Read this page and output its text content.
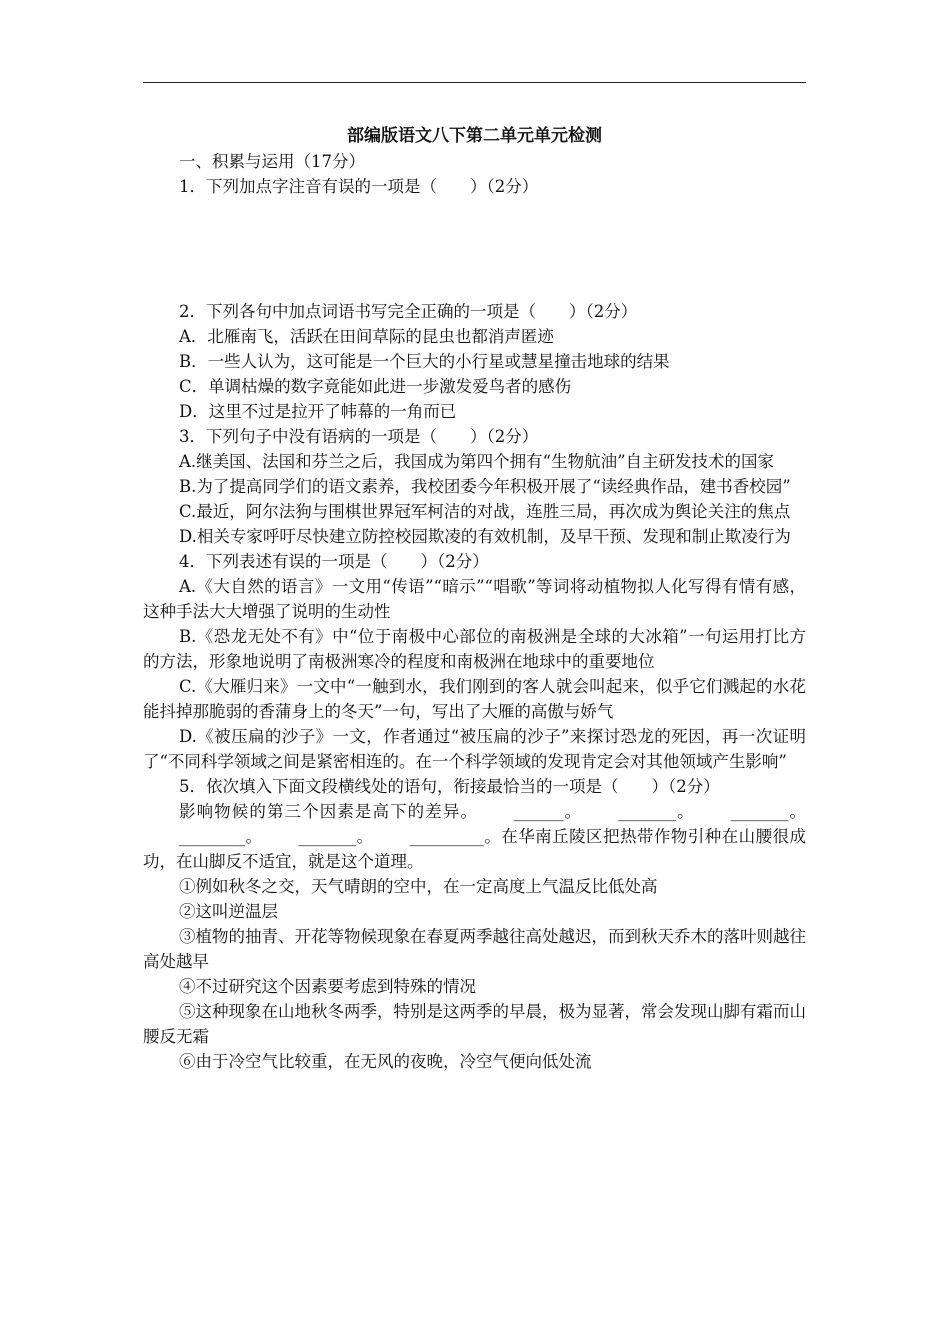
部编版语文八下第二单元单元检测
一、积累与运用（17分）
1．下列加点字注音有误的一项是（　　）（2分）

2．下列各句中加点词语书写完全正确的一项是（　　）（2分）
A．北雁南飞，活跃在田间草际的昆虫也都消声匿迹
B．一些人认为，这可能是一个巨大的小行星或慧星撞击地球的结果
C．单调枯燥的数字竟能如此进一步激发爱鸟者的感伤
D．这里不过是拉开了帏幕的一角而已
3．下列句子中没有语病的一项是（　　）（2分）
A.继美国、法国和芬兰之后，我国成为第四个拥有“生物航油”自主研发技术的国家
B.为了提高同学们的语文素养，我校团委今年积极开展了“读经典作品，建书香校园”
C.最近，阿尔法狗与围棋世界冠军柯洁的对战，连胜三局，再次成为舆论关注的焦点
D.相关专家呼吁尽快建立防控校园欺凌的有效机制，及早干预、发现和制止欺凌行为
4．下列表述有误的一项是（　　）（2分）
A.《大自然的语言》一文用“传语”“暗示”“唱歌”等词将动植物拟人化写得有情有感，这种手法大大增强了说明的生动性
B.《恐龙无处不有》中“位于南极中心部位的南极洲是全球的大冰箱”一句运用打比方的方法，形象地说明了南极洲寒冷的程度和南极洲在地球中的重要地位
C.《大雁归来》一文中“一触到水，我们刚到的客人就会叫起来，似乎它们溅起的水花能抖掉那脆弱的香蒲身上的冬天”一句，写出了大雁的高傲与娇气
D.《被压扁的沙子》一文，作者通过“被压扁的沙子”来探讨恐龙的死因，再一次证明了“不同科学领域之间是紧密相连的。在一个科学领域的发现肯定会对其他领域产生影响”
5．依次填入下面文段横线处的语句，衔接最恰当的一项是（　　）（2分）
影响物候的第三个因素是高下的差异。 ______。 _______。 _______。________。 _______。 _________。在华南丘陵区把热带作物引种在山腰很成功，在山脚反不适宜，就是这个道理。
①例如秋冬之交，天气晴朗的空中，在一定高度上气温反比低处高
②这叫逆温层
③植物的抽青、开花等物候现象在春夏两季越往高处越迟，而到秋天乔木的落叶则越往高处越早
④不过研究这个因素要考虑到特殊的情况
⑤这种现象在山地秋冬两季，特别是这两季的早晨，极为显著，常会发现山脚有霜而山腰反无霜
⑥由于冷空气比较重，在无风的夜晚，冷空气便向低处流
